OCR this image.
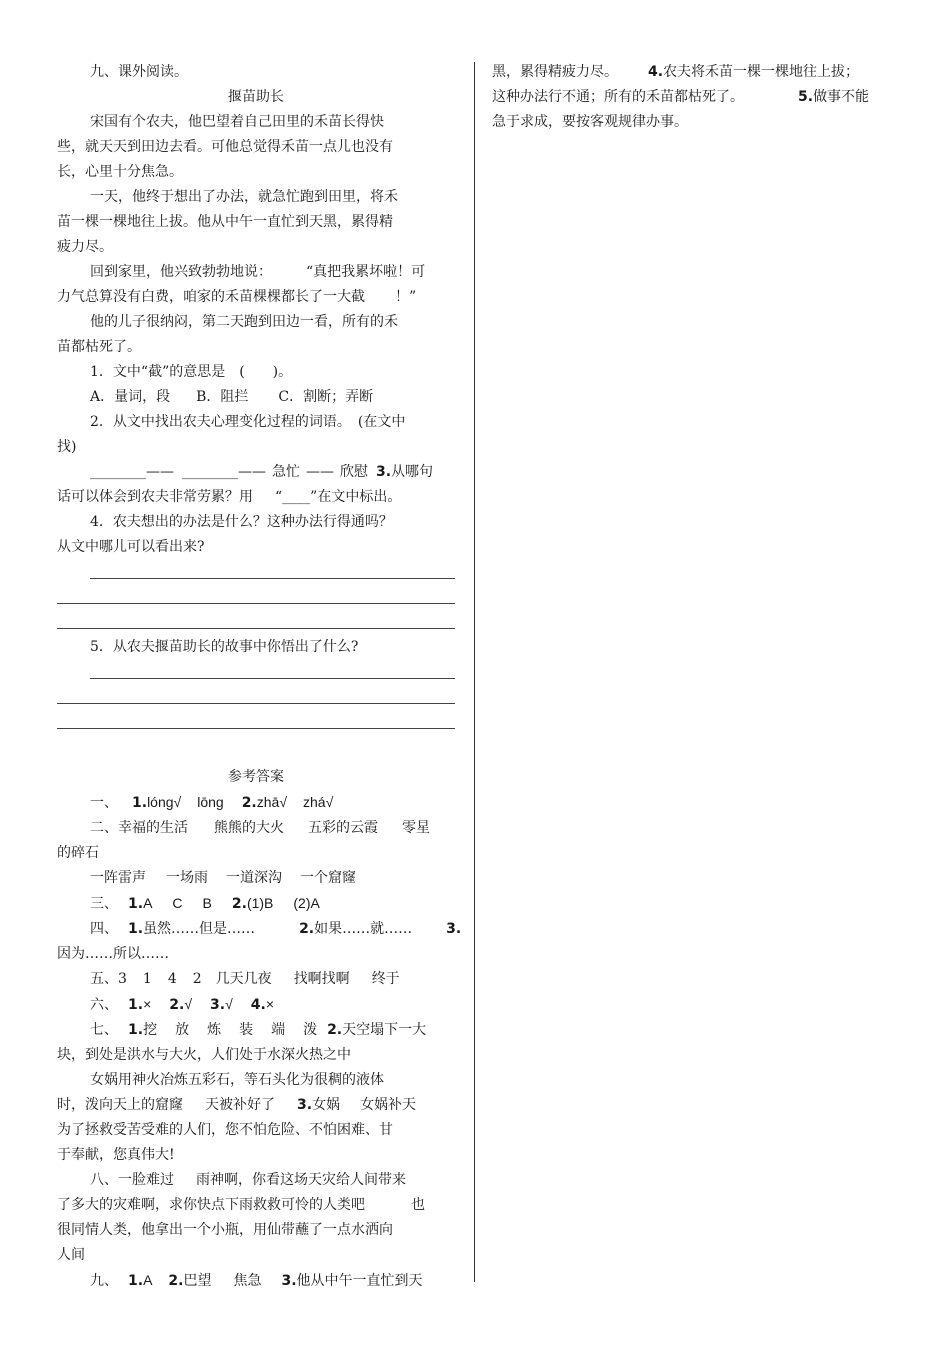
九、课外阅读。

揠苗助长

宋国有个农夫，他巴望着自己田里的禾苗长得快

些，就天天到田边去看。可他总觉得禾苗一点儿也没有

长，心里十分焦急。

一天，他终于想出了办法，就急忙跑到田里，将禾

苗一棵一棵地往上拔。他从中午一直忙到天黑，累得精

疲力尽。

回到家里，他兴致勃勃地说： “真把我累坏啦！可

力气总算没有白费，咱家的禾苗棵棵都长了一大截 ！”

他的儿子很纳闷，第二天跑到田边一看，所有的禾

苗都枯死了。

1．文中“截”的意思是　(　　)。

A．量词，段 B．阻拦 C．割断；弄断

2．从文中找出农夫心理变化过程的词语。　(在文中

找)

________—— ________—— 急忙 —— 欣慰 3.从哪句

话可以体会到农夫非常劳累？用 “____”在文中标出。

4．农夫想出的办法是什么？这种办法行得通吗？

从文中哪儿可以看出来?

5．从农夫揠苗助长的故事中你悟出了什么?

参考答案

一、 1.lóng√ lōng 2.zhā√ zhá√

二、幸福的生活 熊熊的大火 五彩的云霞 零星

的碎石

一阵雷声 一场雨 一道深沟 一个窟窿

三、 1.A C B 2.(1)B (2)A

四、 1.虽然……但是……	2.如果……就…… 3.

因为……所以……

五、3 1 4 2 几天几夜 找啊找啊 终于

六、 1.× 2.√ 3.√ 4.×

七、 1.挖 放 炼 装 端 泼 2.天空塌下一大

块，到处是洪水与大火，人们处于水深火热之中

女娲用神火冶炼五彩石，等石头化为很稠的液体

时，泼向天上的窟窿 天被补好了 3.女娲 女娲补天

为了拯救受苦受难的人们，您不怕危险、不怕困难、甘

于奉献，您真伟大!

八、一脸难过 雨神啊，你看这场天灾给人间带来

了多大的灾难啊，求你快点下雨救救可怜的人类吧	也

很同情人类，他拿出一个小瓶，用仙带蘸了一点水洒向

人间

九、 1.A 2.巴望 焦急 3.他从中午一直忙到天

黑，累得精疲力尽。 4.农夫将禾苗一棵一棵地往上拔；

这种办法行不通；所有的禾苗都枯死了。	5.做事不能

急于求成，要按客观规律办事。
